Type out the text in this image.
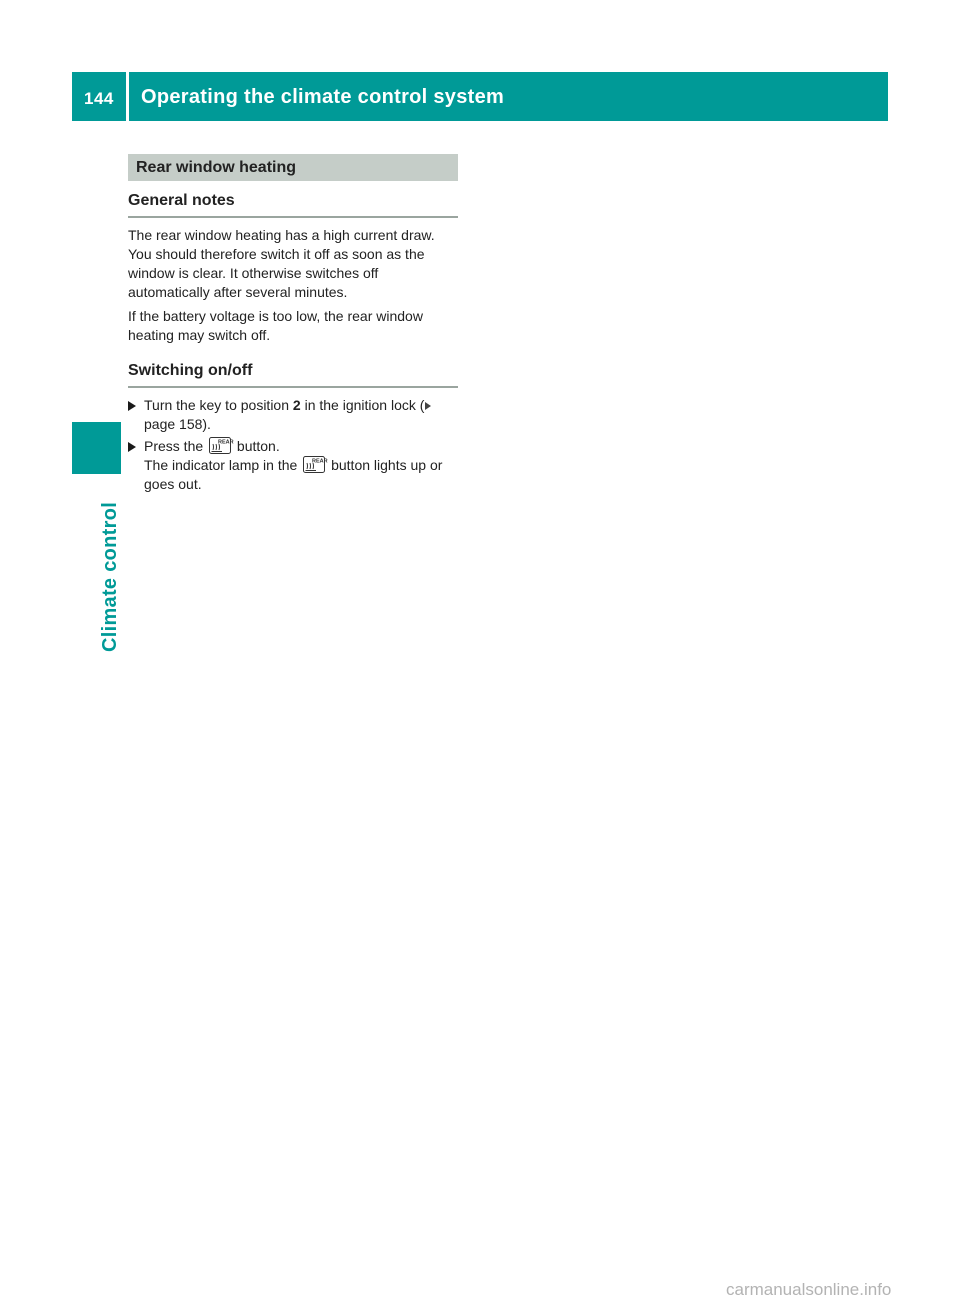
144 Operating the climate control system
Climate control
Rear window heating
General notes

The rear window heating has a high current draw. You should therefore switch it off as soon as the window is clear. It otherwise switches off automatically after several minutes.

If the battery voltage is too low, the rear window heating may switch off.

Switching on/off
Turn the key to position 2 in the ignition lock (page 158).
Press the REAR button.
The indicator lamp in the REAR button lights up or goes out.
carmanualsonline.info
